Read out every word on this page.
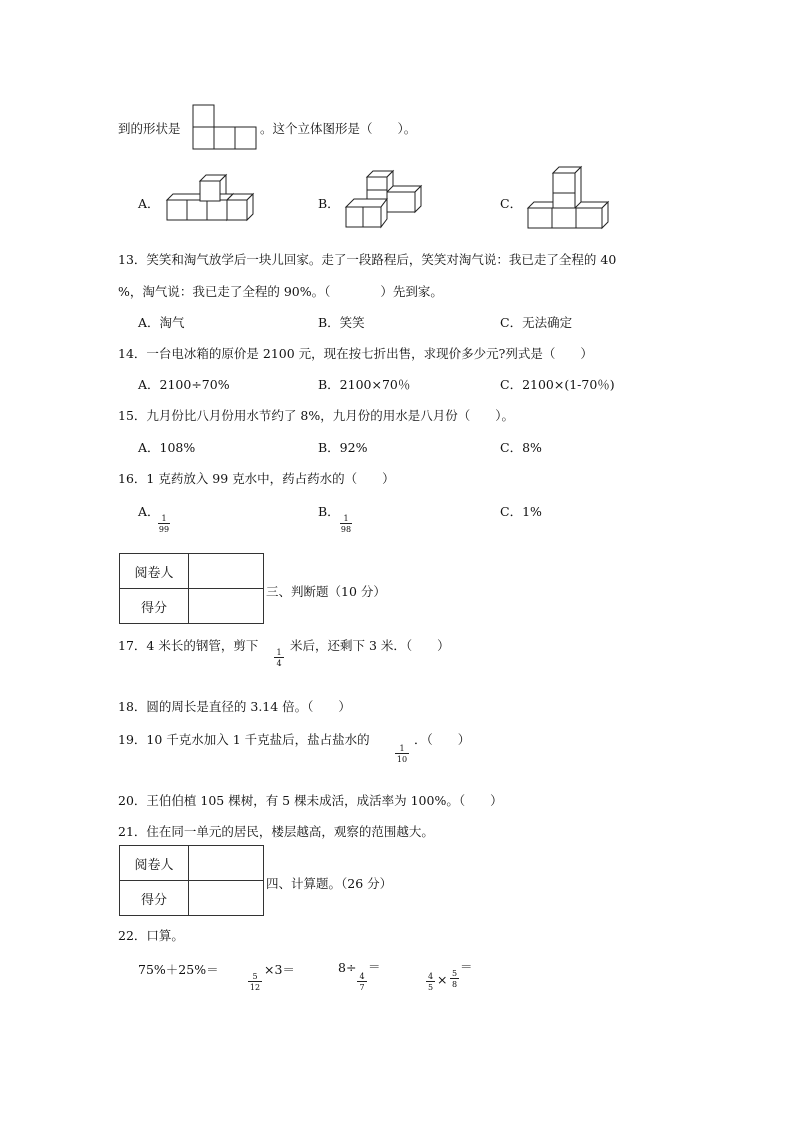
到的形状是	。这个立体图形是（　　）。
A．	B．	C．
13．笑笑和淘气放学后一块儿回家。走了一段路程后，笑笑对淘气说：我已走了全程的 40
%，淘气说：我已走了全程的 90%。（　　　　）先到家。
A．淘气	B．笑笑	C．无法确定
14．一台电冰箱的原价是 2100 元，现在按七折出售，求现价多少元?列式是（　　）
A．2100÷70%	B．2100×70％	C．2100×(1-70％)
15．九月份比八月份用水节约了 8%，九月份的用水是八月份（　　）。
A．108%	B．92%	C．8%
16．1 克药放入 99 克水中，药占药水的（　　）
A． 1
99
B． 1
98
C．1%
阅卷人	
得分	
三、判断题（10 分）
17．4 米长的钢管，剪下	1
4
米后，还剩下 3 米．（　　）
18．圆的周长是直径的 3.14 倍。（　　）
19．10 千克水加入 1 千克盐后，盐占盐水的
1
10
．（　　）
20．王伯伯植 105 棵树，有 5 棵未成活，成活率为 100%。（　　）
21．住在同一单元的居民，楼层越高，观察的范围越大。
阅卷人	
得分	
四、计算题。（26 分）
22．口算。
75%＋25%＝	5
12
×3＝	8÷
4
7
＝
4
5
× 5
8
＝
